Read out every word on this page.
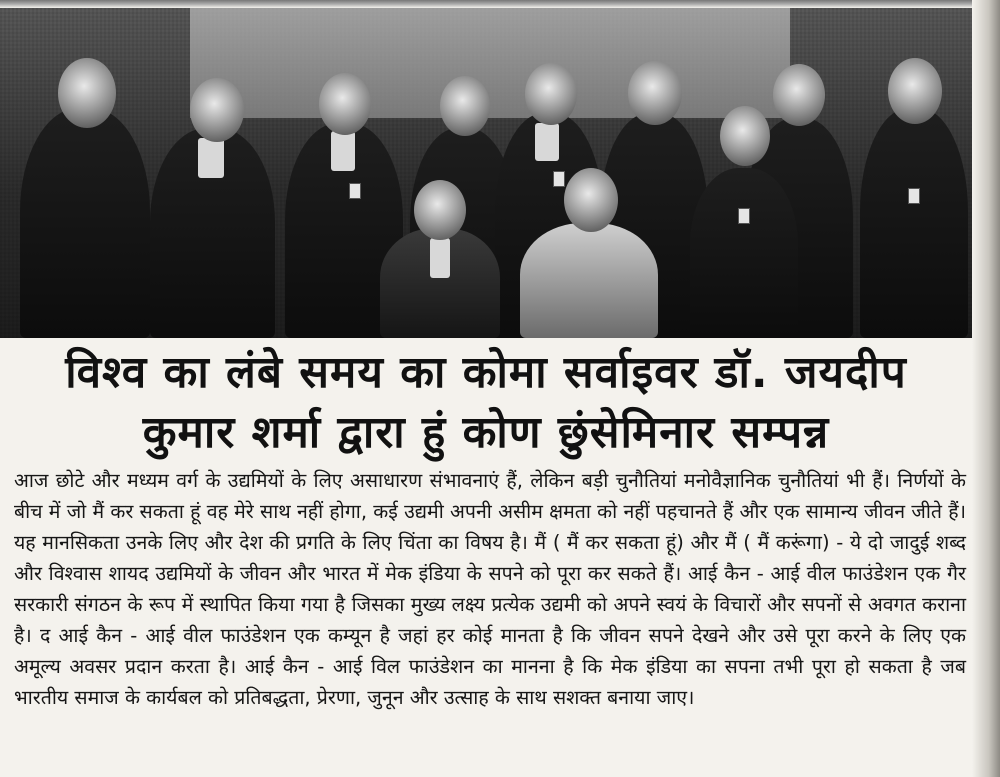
विश्व का लंबे समय का कोमा सर्वाइवर डॉ. जयदीप
कुमार शर्मा द्वारा हुं कोण छुंसेमिनार सम्पन्न

आज छोटे और मध्यम वर्ग के उद्यमियों के लिए असाधारण संभावनाएं हैं, लेकिन बड़ी चुनौतियां मनोवैज्ञानिक चुनौतियां भी हैं। निर्णयों के बीच में जो मैं कर सकता हूं वह मेरे साथ नहीं होगा, कई उद्यमी अपनी असीम क्षमता को नहीं पहचानते हैं और एक सामान्य जीवन जीते हैं। यह मानसिकता उनके लिए और देश की प्रगति के लिए चिंता का विषय है। मैं ( मैं कर सकता हूं) और मैं ( मैं करूंगा) - ये दो जादुई शब्द और विश्वास शायद उद्यमियों के जीवन और भारत में मेक इंडिया के सपने को पूरा कर सकते हैं। आई कैन - आई वील फाउंडेशन एक गैर सरकारी संगठन के रूप में स्थापित किया गया है जिसका मुख्य लक्ष्य प्रत्येक उद्यमी को अपने स्वयं के विचारों और सपनों से अवगत कराना है। द आई कैन - आई वील फाउंडेशन एक कम्यून है जहां हर कोई मानता है कि जीवन सपने देखने और उसे पूरा करने के लिए एक अमूल्य अवसर प्रदान करता है। आई कैन - आई विल फाउंडेशन का मानना है कि मेक इंडिया का सपना तभी पूरा हो सकता है जब भारतीय समाज के कार्यबल को प्रतिबद्धता, प्रेरणा, जुनून और उत्साह के साथ सशक्त बनाया जाए।
